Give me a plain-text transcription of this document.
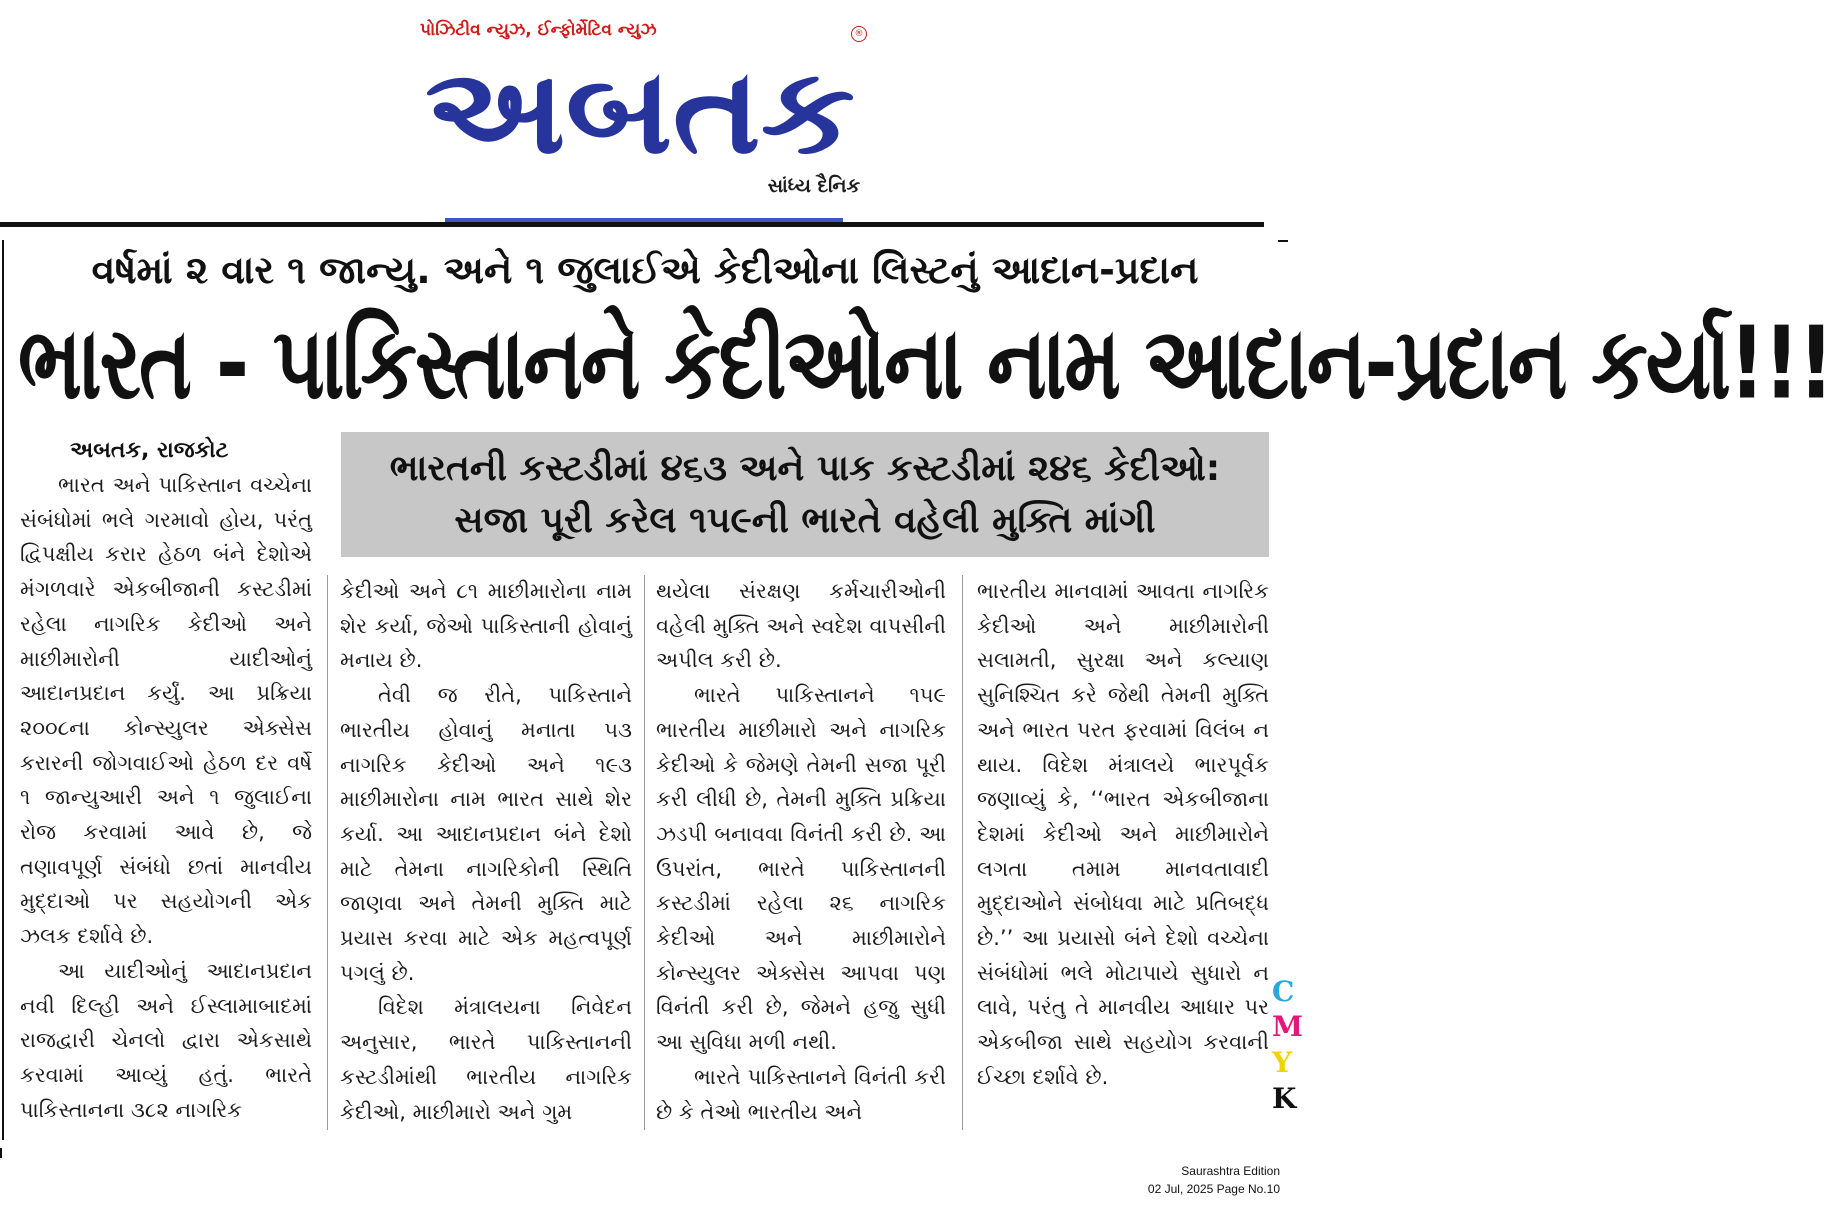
પોઝિટીવ ન્યુઝ, ઈન્ફોર્મેટિવ ન્યુઝ
અબતક
®
સાંધ્ય દૈનિક
વર્ષમાં ૨ વાર ૧ જાન્યુ. અને ૧ જુલાઈએ કેદીઓના લિસ્ટનું આદાન-પ્રદાન
ભારત - પાકિસ્તાનને કેદીઓના નામ આદાન-પ્રદાન કર્યા!!!
અબતક, રાજકોટ	ભારતની કસ્ટડીમાં ૪૬૩ અને પાક કસ્ટડીમાં ૨૪૬ કેદીઓ:
સજા પૂરી કરેલ ૧૫૯ની ભારતે વહેલી મુક્તિ માંગી

ભારત અને પાકિસ્તાન વચ્ચેના સંબંધોમાં ભલે ગરમાવો હોય, પરંતુ દ્વિપક્ષીય કરાર હેઠળ બંને દેશોએ મંગળવારે એકબીજાની કસ્ટડીમાં રહેલા નાગરિક કેદીઓ અને માછીમારોની યાદીઓનું આદાનપ્રદાન કર્યું. આ પ્રક્રિયા ૨૦૦૮ના કોન્સ્યુલર એક્સેસ કરારની જોગવાઈઓ હેઠળ દર વર્ષે ૧ જાન્યુઆરી અને ૧ જુલાઈના રોજ કરવામાં આવે છે, જે તણાવપૂર્ણ સંબંધો છતાં માનવીય મુદ્દાઓ પર સહયોગની એક ઝલક દર્શાવે છે.

આ યાદીઓનું આદાનપ્રદાન નવી દિલ્હી અને ઈસ્લામાબાદમાં રાજદ્વારી ચેનલો દ્વારા એકસાથે કરવામાં આવ્યું હતું. ભારતે પાકિસ્તાનના ૩૮૨ નાગરિક

કેદીઓ અને ૮૧ માછીમારોના નામ શેર કર્યા, જેઓ પાકિસ્તાની હોવાનું મનાય છે.

તેવી જ રીતે, પાકિસ્તાને ભારતીય હોવાનું મનાતા ૫૩ નાગરિક કેદીઓ અને ૧૯૩ માછીમારોના નામ ભારત સાથે શેર કર્યા. આ આદાનપ્રદાન બંને દેશો માટે તેમના નાગરિકોની સ્થિતિ જાણવા અને તેમની મુક્તિ માટે પ્રયાસ કરવા માટે એક મહત્વપૂર્ણ પગલું છે.

વિદેશ મંત્રાલયના નિવેદન અનુસાર, ભારતે પાકિસ્તાનની કસ્ટડીમાંથી ભારતીય નાગરિક કેદીઓ, માછીમારો અને ગુમ

થયેલા સંરક્ષણ કર્મચારીઓની વહેલી મુક્તિ અને સ્વદેશ વાપસીની અપીલ કરી છે.

ભારતે પાકિસ્તાનને ૧૫૯ ભારતીય માછીમારો અને નાગરિક કેદીઓ કે જેમણે તેમની સજા પૂરી કરી લીધી છે, તેમની મુક્તિ પ્રક્રિયા ઝડપી બનાવવા વિનંતી કરી છે. આ ઉપરાંત, ભારતે પાકિસ્તાનની કસ્ટડીમાં રહેલા ૨૬ નાગરિક કેદીઓ અને માછીમારોને કોન્સ્યુલર એક્સેસ આપવા પણ વિનંતી કરી છે, જેમને હજુ સુધી આ સુવિધા મળી નથી.

ભારતે પાકિસ્તાનને વિનંતી કરી છે કે તેઓ ભારતીય અને

ભારતીય માનવામાં આવતા નાગરિક કેદીઓ અને માછીમારોની સલામતી, સુરક્ષા અને કલ્યાણ સુનિશ્ચિત કરે જેથી તેમની મુક્તિ અને ભારત પરત ફરવામાં વિલંબ ન થાય. વિદેશ મંત્રાલયે ભારપૂર્વક જણાવ્યું કે, ‘‘ભારત એકબીજાના દેશમાં કેદીઓ અને માછીમારોને લગતા તમામ માનવતાવાદી મુદ્દાઓને સંબોધવા માટે પ્રતિબદ્ધ છે.’’ આ પ્રયાસો બંને દેશો વચ્ચેના સંબંધોમાં ભલે મોટાપાયે સુધારો ન લાવે, પરંતુ તે માનવીય આધાર પર એકબીજા સાથે સહયોગ કરવાની ઈચ્છા દર્શાવે છે.

C
M
Y
K
Saurashtra Edition
02 Jul, 2025 Page No.10
